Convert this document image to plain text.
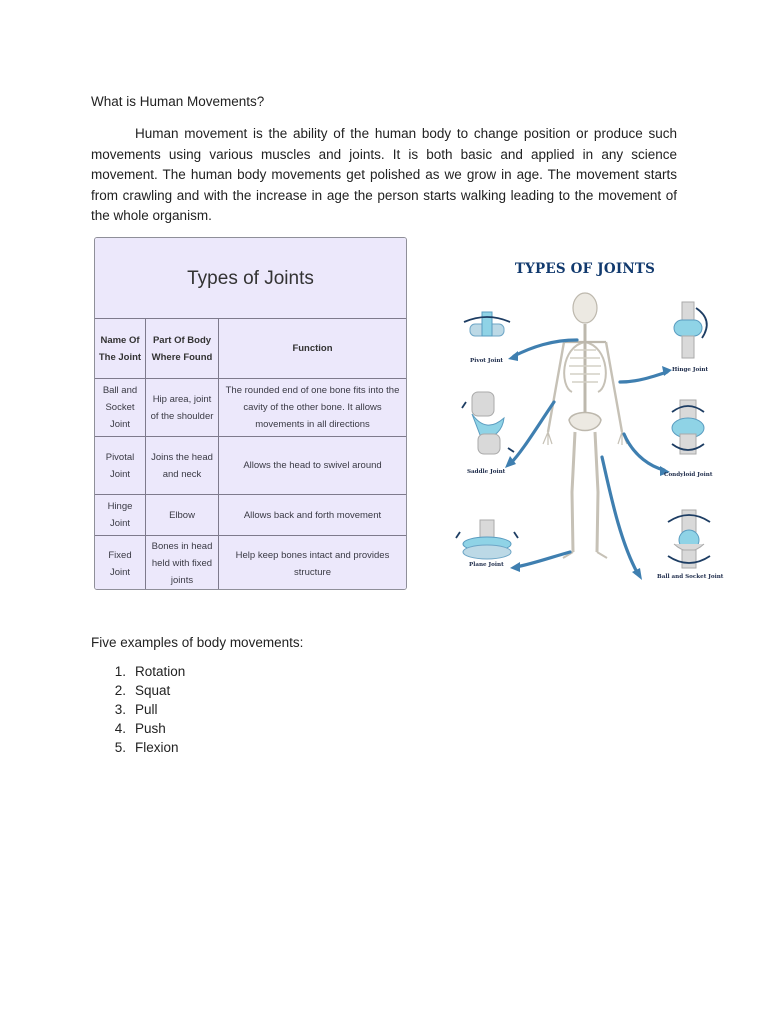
What is Human Movements?

Human movement is the ability of the human body to change position or produce such movements using various muscles and joints. It is both basic and applied in any science movement. The human body movements get polished as we grow in age. The movement starts from crawling and with the increase in age the person starts walking leading to the movement of the whole organism.

Types of Joints		
Name Of The Joint	Part Of Body Where Found	Function
Ball and Socket Joint	Hip area, joint of the shoulder	The rounded end of one bone fits into the cavity of the other bone. It allows movements in all directions
Pivotal Joint	Joins the head and neck	Allows the head to swivel around
Hinge Joint	Elbow	Allows back and forth movement
Fixed Joint	Bones in head held with fixed joints	Help keep bones intact and provides structure
TYPES OF JOINTS
Pivot Joint
Hinge Joint
Saddle Joint	Condyloid Joint
Plane Joint
Ball and Socket Joint
Five examples of body movements:
1. Rotation
2. Squat
3. Pull
4. Push
5. Flexion
